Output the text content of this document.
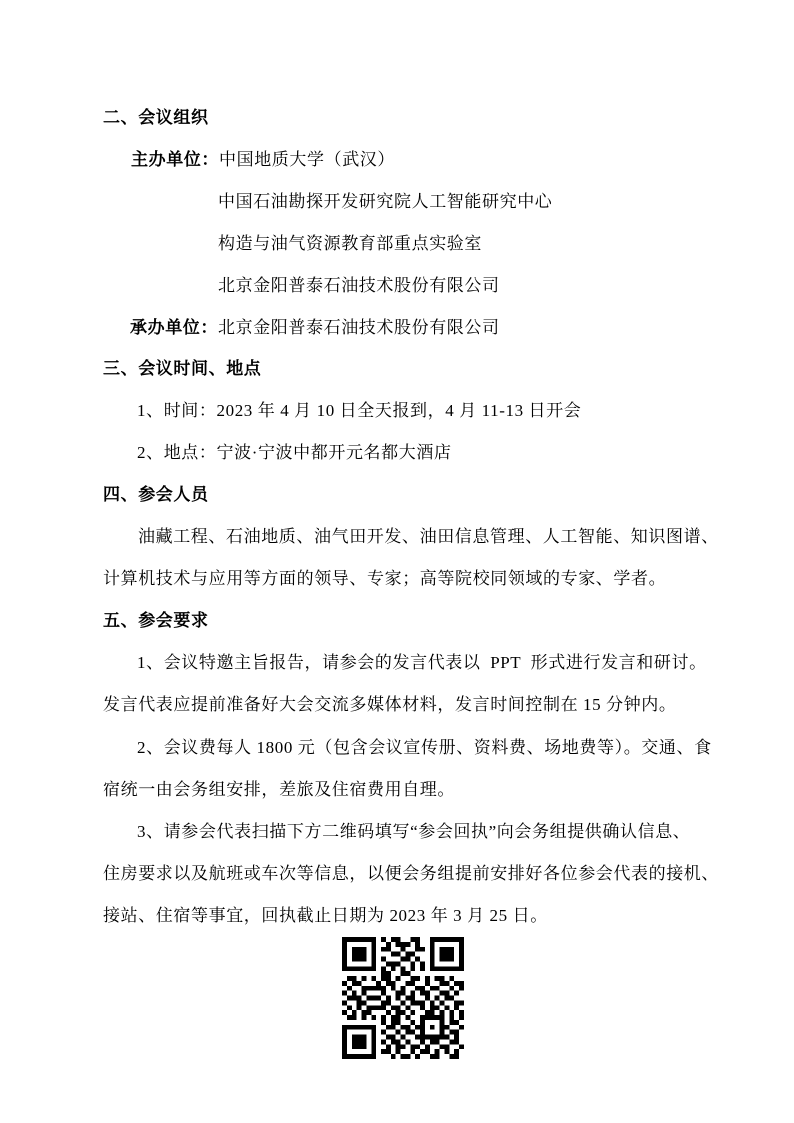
二、会议组织
主办单位：中国地质大学（武汉）
中国石油勘探开发研究院人工智能研究中心
构造与油气资源教育部重点实验室
北京金阳普泰石油技术股份有限公司
承办单位：北京金阳普泰石油技术股份有限公司
三、会议时间、地点
1、时间：2023 年 4 月 10 日全天报到，4 月 11-13 日开会
2、地点：宁波·宁波中都开元名都大酒店
四、参会人员
油藏工程、石油地质、油气田开发、油田信息管理、人工智能、知识图谱、
计算机技术与应用等方面的领导、专家；高等院校同领域的专家、学者。
五、参会要求
1、会议特邀主旨报告，请参会的发言代表以  PPT  形式进行发言和研讨。
发言代表应提前准备好大会交流多媒体材料，发言时间控制在 15 分钟内。
2、会议费每人 1800 元（包含会议宣传册、资料费、场地费等）。交通、食
宿统一由会务组安排，差旅及住宿费用自理。
3、请参会代表扫描下方二维码填写“参会回执”向会务组提供确认信息、
住房要求以及航班或车次等信息，以便会务组提前安排好各位参会代表的接机、
接站、住宿等事宜，回执截止日期为 2023 年 3 月 25 日。
